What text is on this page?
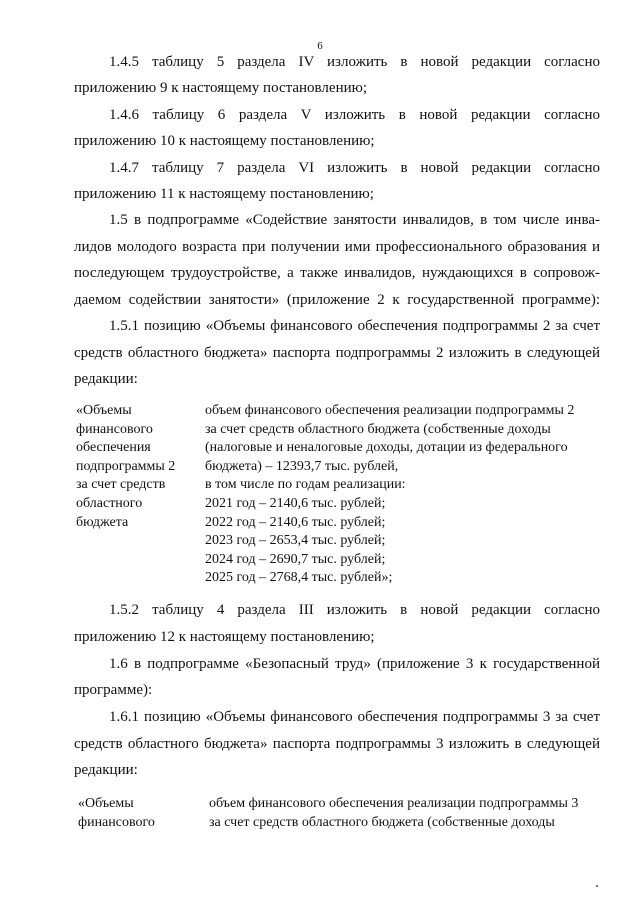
6
1.4.5 таблицу 5 раздела IV изложить в новой редакции согласно
приложению 9 к настоящему постановлению;
1.4.6 таблицу 6 раздела V изложить в новой редакции согласно
приложению 10 к настоящему постановлению;
1.4.7 таблицу 7 раздела VI изложить в новой редакции согласно
приложению 11 к настоящему постановлению;
1.5 в подпрограмме «Содействие занятости инвалидов, в том числе инва-
лидов молодого возраста при получении ими профессионального образования и
последующем трудоустройстве, а также инвалидов, нуждающихся в сопровож-
даемом содействии занятости» (приложение 2 к государственной программе):
1.5.1 позицию «Объемы финансового обеспечения подпрограммы 2 за счет
средств областного бюджета» паспорта подпрограммы 2 изложить в следующей
редакции:
«Объемы
финансового
обеспечения
подпрограммы 2
за счет средств
областного
бюджета
объем финансового обеспечения реализации подпрограммы 2
за счет средств областного бюджета (собственные доходы
(налоговые и неналоговые доходы, дотации из федерального
бюджета) – 12393,7 тыс. рублей,
в том числе по годам реализации:
2021 год – 2140,6 тыс. рублей;
2022 год – 2140,6 тыс. рублей;
2023 год – 2653,4 тыс. рублей;
2024 год – 2690,7 тыс. рублей;
2025 год – 2768,4 тыс. рублей»;
1.5.2 таблицу 4 раздела III изложить в новой редакции согласно
приложению 12 к настоящему постановлению;
1.6 в подпрограмме «Безопасный труд» (приложение 3 к государственной
программе):
1.6.1 позицию «Объемы финансового обеспечения подпрограммы 3 за счет
средств областного бюджета» паспорта подпрограммы 3 изложить в следующей
редакции:
«Объемы
финансового
объем финансового обеспечения реализации подпрограммы 3
за счет средств областного бюджета (собственные доходы
